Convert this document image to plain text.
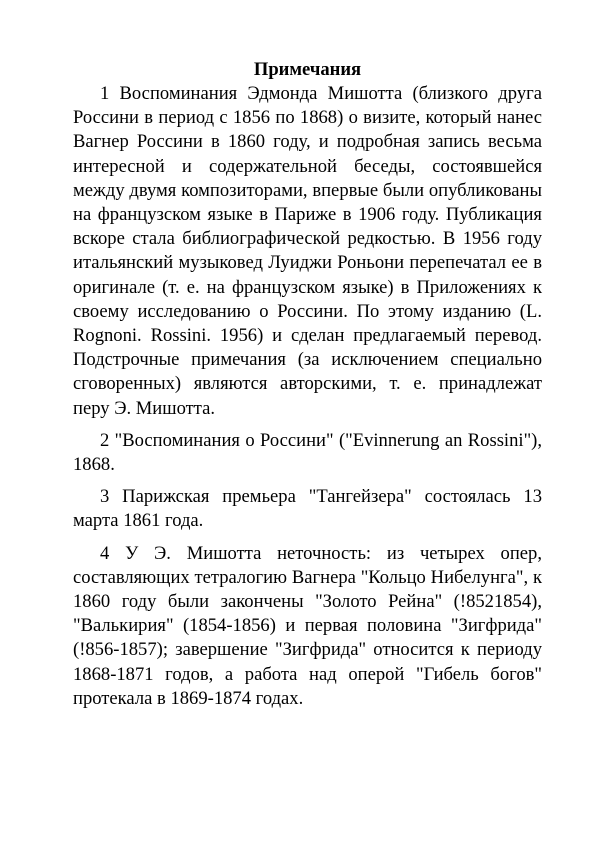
Примечания

1 Воспоминания Эдмонда Мишотта (близкого друга Россини в период с 1856 по 1868) о визите, который нанес Вагнер Россини в 1860 году, и подробная запись весьма интересной и содержательной беседы, состоявшейся между двумя композиторами, впервые были опубликованы на французском языке в Париже в 1906 году. Публикация вскоре стала библиографической редкостью. В 1956 году итальянский музыковед Луиджи Роньони перепечатал ее в оригинале (т. е. на французском языке) в Приложениях к своему исследованию о Россини. По этому изданию (L. Rognoni. Rossini. 1956) и сделан предлагаемый перевод. Подстрочные примечания (за исключением специально сговоренных) являются авторскими, т. е. принадлежат перу Э. Мишотта.

2 "Воспоминания о Россини" ("Evinnerung an Rossini"), 1868.

3 Парижская премьера "Тангейзера" состоялась 13 марта 1861 года.

4 У Э. Мишотта неточность: из четырех опер, составляющих тетралогию Вагнера "Кольцо Нибелунга", к 1860 году были закончены "Золото Рейна" (!8521854), "Валькирия" (1854-1856) и первая половина "Зигфрида" (!856-1857); завершение "Зигфрида" относится к периоду 1868-1871 годов, а работа над оперой "Гибель богов" протекала в 1869-1874 годах.
